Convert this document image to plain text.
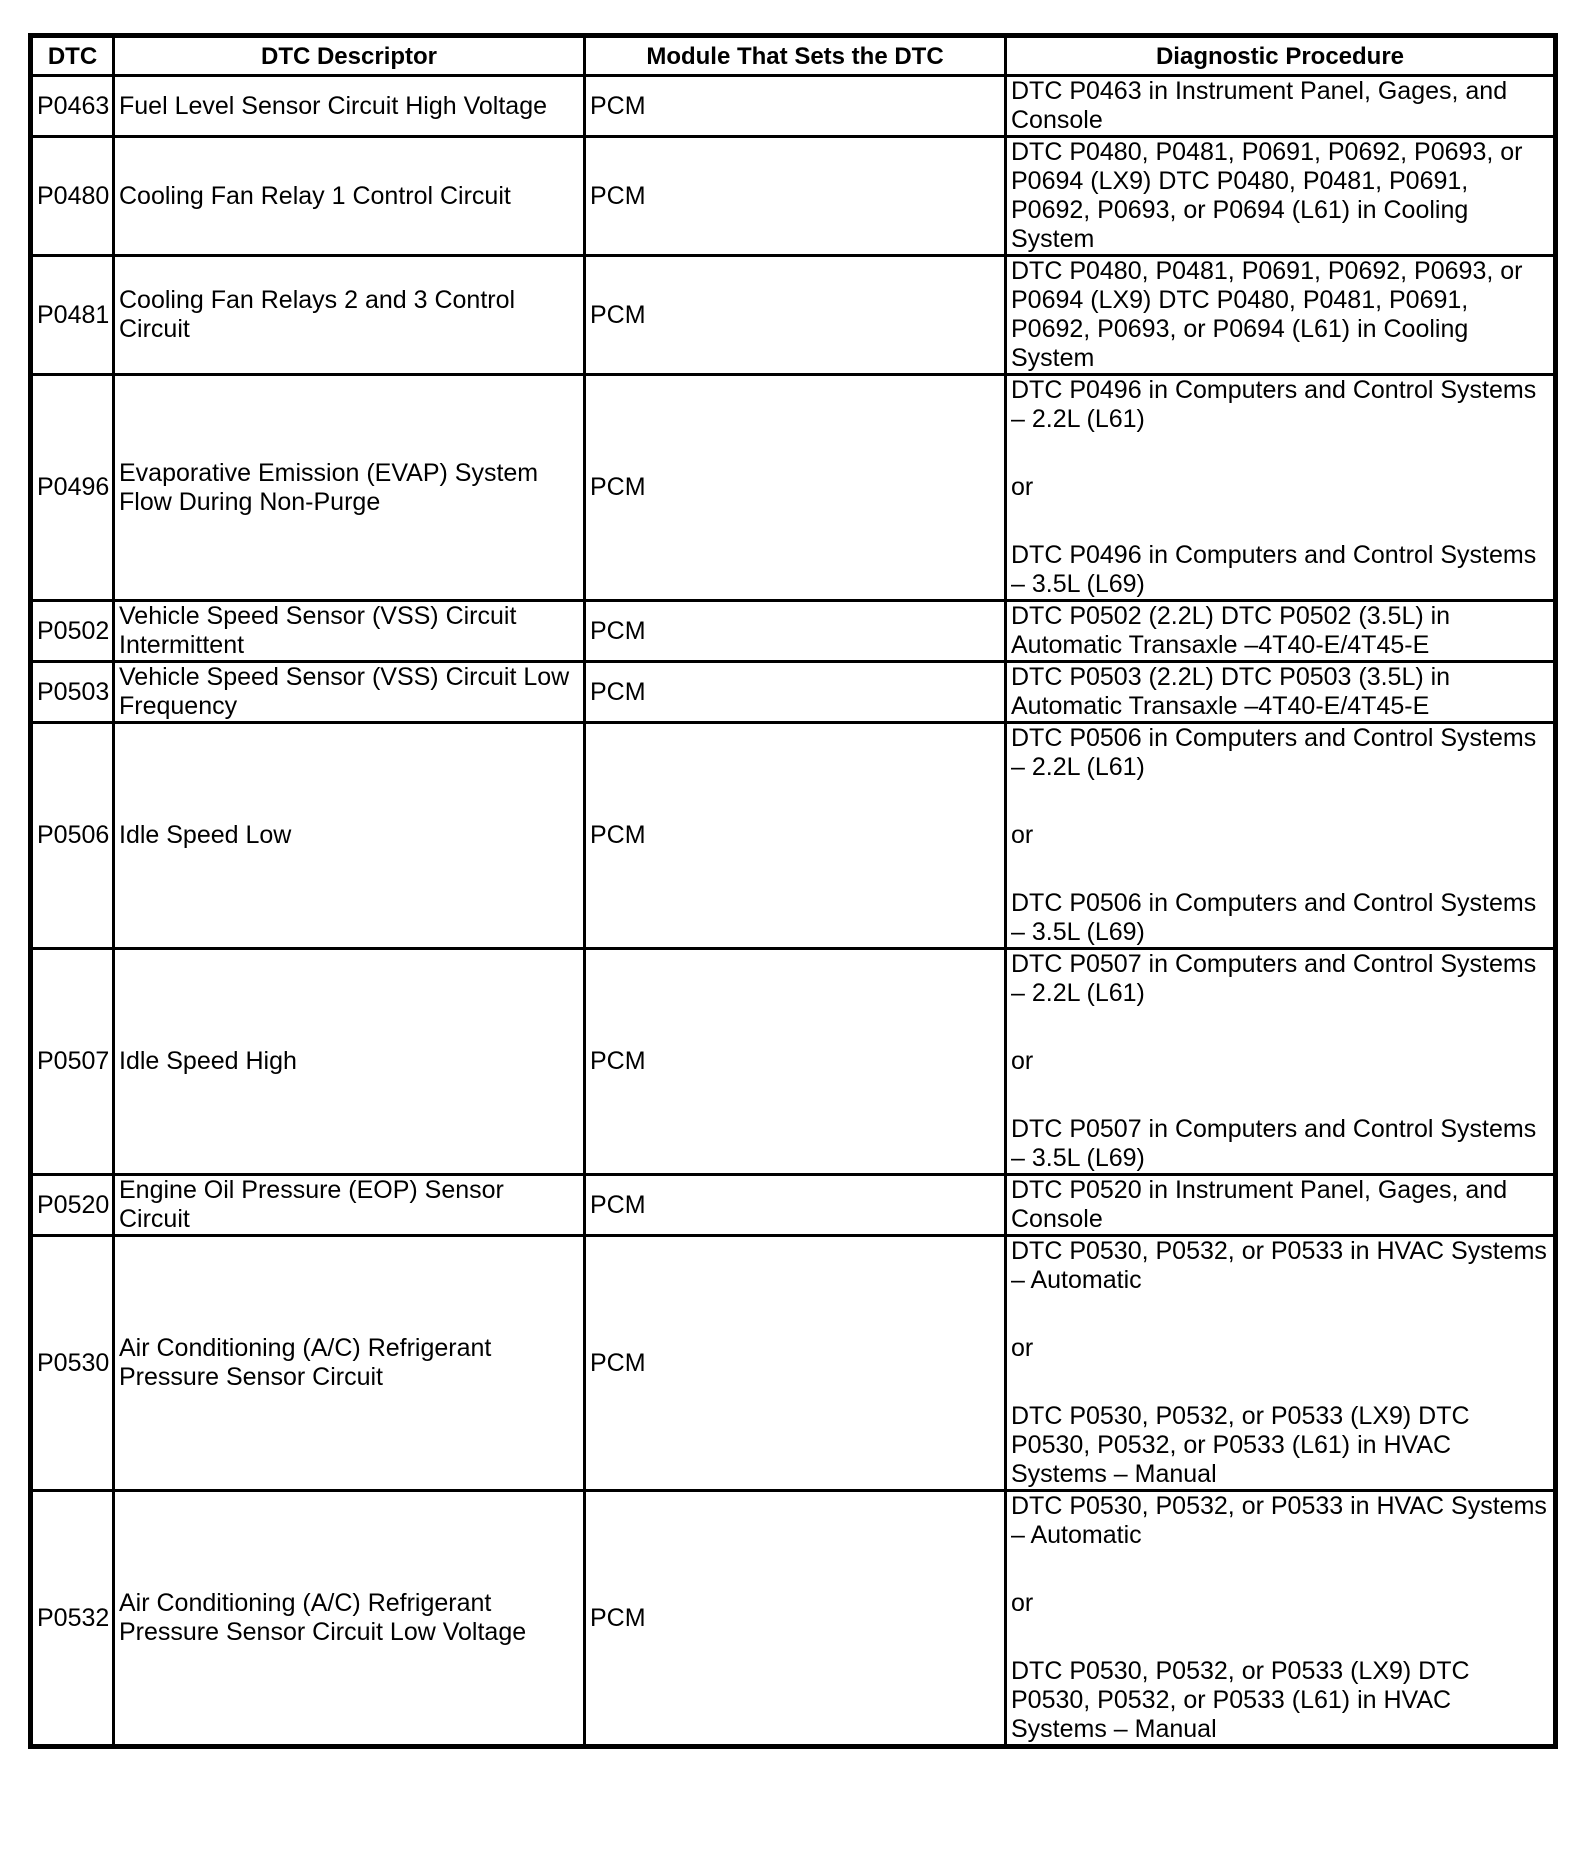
DTC	DTC Descriptor	Module That Sets the DTC	Diagnostic Procedure
P0463	Fuel Level Sensor Circuit High Voltage	PCM	DTC P0463 in Instrument Panel, Gages, and Console

P0480	Cooling Fan Relay 1 Control Circuit	PCM	DTC P0480, P0481, P0691, P0692, P0693, or P0694 (LX9) DTC P0480, P0481, P0691, P0692, P0693, or P0694 (L61) in Cooling System

P0481	Cooling Fan Relays 2 and 3 Control Circuit	PCM	DTC P0480, P0481, P0691, P0692, P0693, or P0694 (LX9) DTC P0480, P0481, P0691, P0692, P0693, or P0694 (L61) in Cooling System

P0496	Evaporative Emission (EVAP) System Flow During Non-Purge	PCM	DTC P0496 in Computers and Control Systems – 2.2L (L61)
or
DTC P0496 in Computers and Control Systems – 3.5L (L69)

P0502	Vehicle Speed Sensor (VSS) Circuit Intermittent	PCM	DTC P0502 (2.2L) DTC P0502 (3.5L) in Automatic Transaxle –4T40-E/4T45-E

P0503	Vehicle Speed Sensor (VSS) Circuit Low Frequency	PCM	DTC P0503 (2.2L) DTC P0503 (3.5L) in Automatic Transaxle –4T40-E/4T45-E

P0506	Idle Speed Low	PCM	DTC P0506 in Computers and Control Systems – 2.2L (L61)
or
DTC P0506 in Computers and Control Systems – 3.5L (L69)

P0507	Idle Speed High	PCM	DTC P0507 in Computers and Control Systems – 2.2L (L61)
or
DTC P0507 in Computers and Control Systems – 3.5L (L69)

P0520	Engine Oil Pressure (EOP) Sensor Circuit	PCM	DTC P0520 in Instrument Panel, Gages, and Console

P0530	Air Conditioning (A/C) Refrigerant Pressure Sensor Circuit	PCM	DTC P0530, P0532, or P0533 in HVAC Systems – Automatic
or
DTC P0530, P0532, or P0533 (LX9) DTC P0530, P0532, or P0533 (L61) in HVAC Systems – Manual

P0532	Air Conditioning (A/C) Refrigerant Pressure Sensor Circuit Low Voltage	PCM	DTC P0530, P0532, or P0533 in HVAC Systems – Automatic
or
DTC P0530, P0532, or P0533 (LX9) DTC P0530, P0532, or P0533 (L61) in HVAC Systems – Manual
